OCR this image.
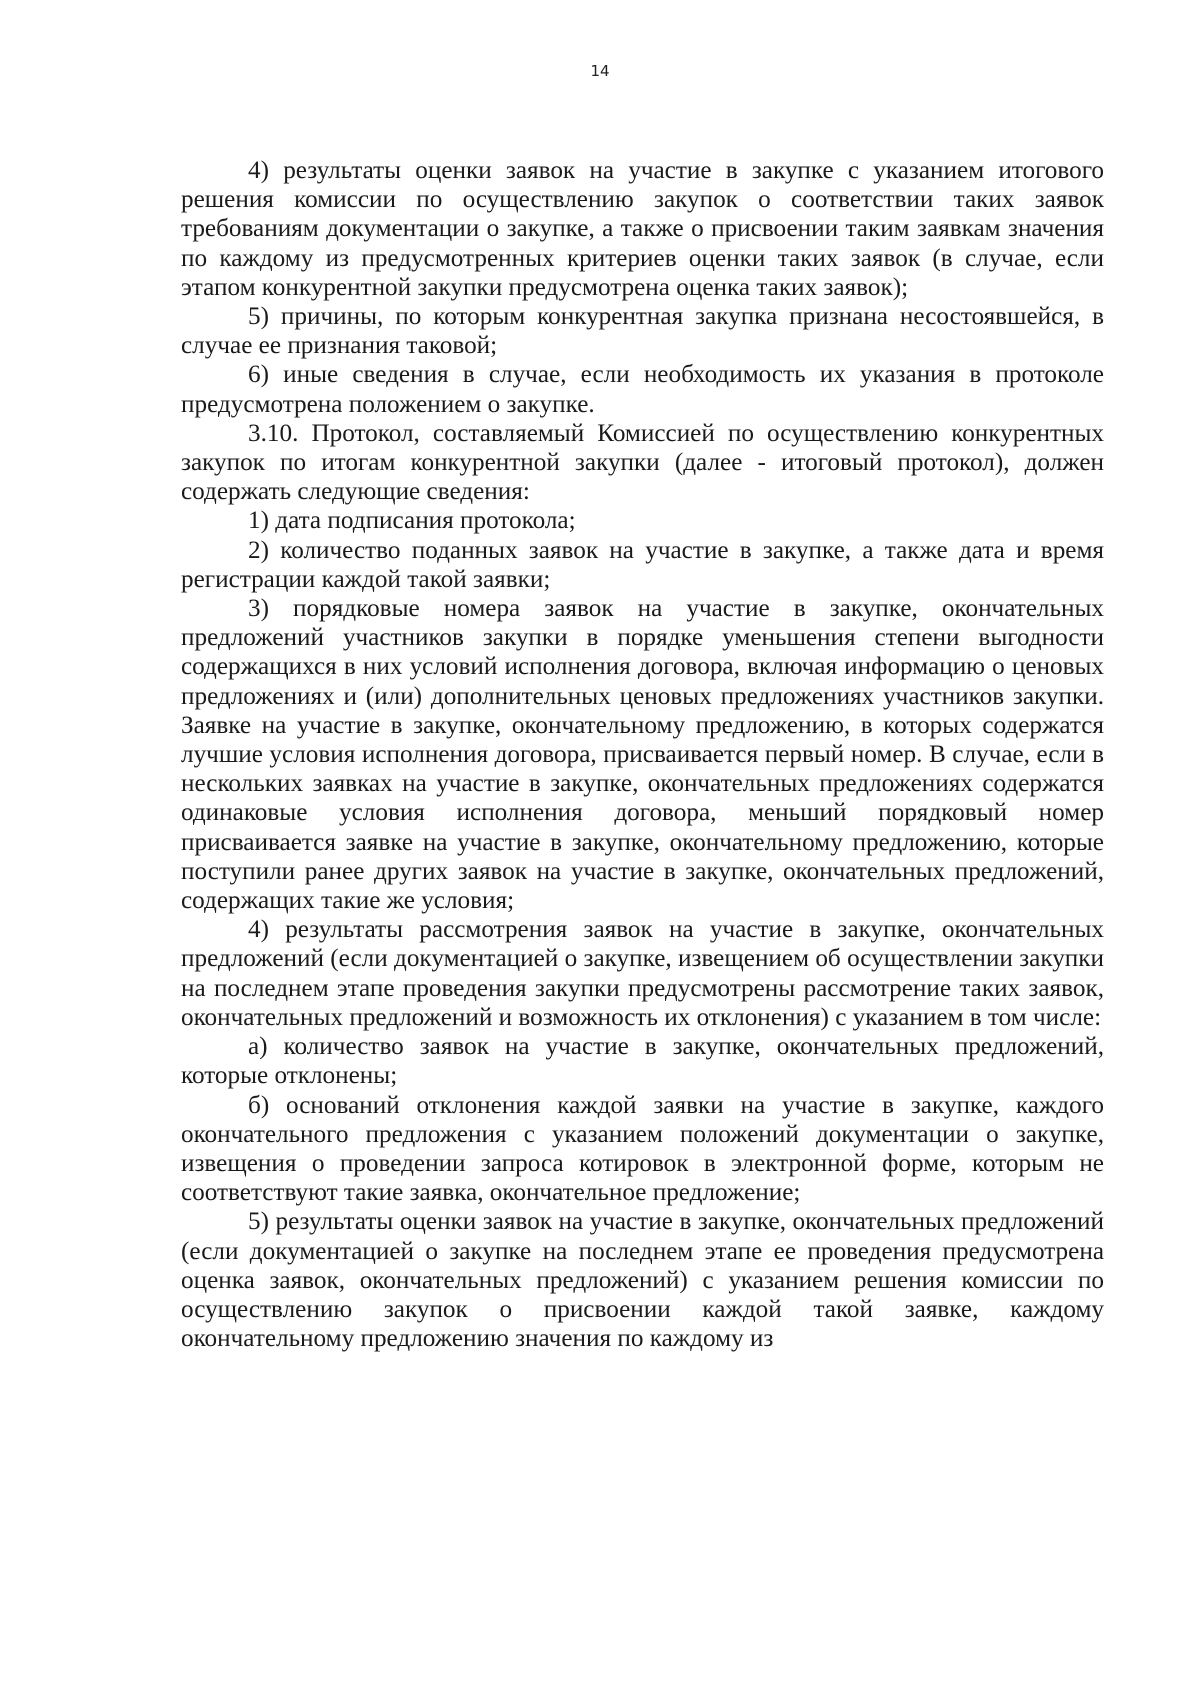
14

4) результаты оценки заявок на участие в закупке с указанием итогового решения комиссии по осуществлению закупок о соответствии таких заявок требованиям документации о закупке, а также о присвоении таким заявкам значения по каждому из предусмотренных критериев оценки таких заявок (в случае, если этапом конкурентной закупки предусмотрена оценка таких заявок);

5) причины, по которым конкурентная закупка признана несостоявшейся, в случае ее признания таковой;

6) иные сведения в случае, если необходимость их указания в протоколе предусмотрена положением о закупке.

3.10. Протокол, составляемый Комиссией по осуществлению конкурентных закупок по итогам конкурентной закупки (далее - итоговый протокол), должен содержать следующие сведения:

1) дата подписания протокола;

2) количество поданных заявок на участие в закупке, а также дата и время регистрации каждой такой заявки;

3) порядковые номера заявок на участие в закупке, окончательных предложений участников закупки в порядке уменьшения степени выгодности содержащихся в них условий исполнения договора, включая информацию о ценовых предложениях и (или) дополнительных ценовых предложениях участников закупки. Заявке на участие в закупке, окончательному предложению, в которых содержатся лучшие условия исполнения договора, присваивается первый номер. В случае, если в нескольких заявках на участие в закупке, окончательных предложениях содержатся одинаковые условия исполнения договора, меньший порядковый номер присваивается заявке на участие в закупке, окончательному предложению, которые поступили ранее других заявок на участие в закупке, окончательных предложений, содержащих такие же условия;

4) результаты рассмотрения заявок на участие в закупке, окончательных предложений (если документацией о закупке, извещением об осуществлении закупки на последнем этапе проведения закупки предусмотрены рассмотрение таких заявок, окончательных предложений и возможность их отклонения) с указанием в том числе:

а) количество заявок на участие в закупке, окончательных предложений, которые отклонены;

б) оснований отклонения каждой заявки на участие в закупке, каждого окончательного предложения с указанием положений документации о закупке, извещения о проведении запроса котировок в электронной форме, которым не соответствуют такие заявка, окончательное предложение;

5) результаты оценки заявок на участие в закупке, окончательных предложений (если документацией о закупке на последнем этапе ее проведения предусмотрена оценка заявок, окончательных предложений) с указанием решения комиссии по осуществлению закупок о присвоении каждой такой заявке, каждому окончательному предложению значения по каждому из
